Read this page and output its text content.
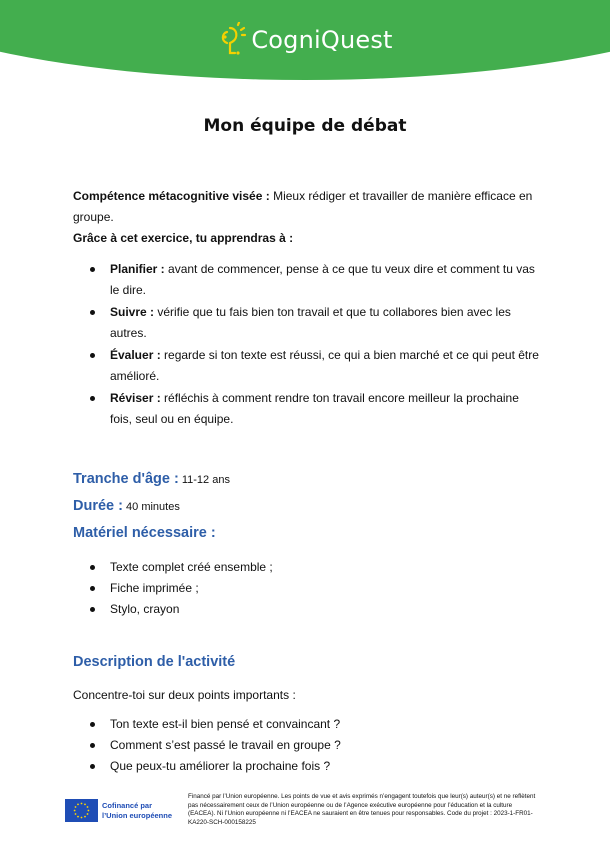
CogniQuest
Mon équipe de débat

Compétence métacognitive visée : Mieux rédiger et travailler de manière efficace en groupe.

Grâce à cet exercice, tu apprendras à :

Planifier : avant de commencer, pense à ce que tu veux dire et comment tu vas le dire.
Suivre : vérifie que tu fais bien ton travail et que tu collabores bien avec les autres.
Évaluer : regarde si ton texte est réussi, ce qui a bien marché et ce qui peut être amélioré.
Réviser : réfléchis à comment rendre ton travail encore meilleur la prochaine fois, seul ou en équipe.
Tranche d'âge : 11-12 ans
Durée : 40 minutes
Matériel nécessaire :
Texte complet créé ensemble ;
Fiche imprimée ;
Stylo, crayon
Description de l'activité
Concentre-toi sur deux points importants :
Ton texte est-il bien pensé et convaincant ?
Comment s’est passé le travail en groupe ?
Que peux-tu améliorer la prochaine fois ?
Cofinancé par
l’Union européenne
Financé par l’Union européenne. Les points de vue et avis exprimés n’engagent toutefois que leur(s) auteur(s) et ne reflètent pas nécessairement ceux de l’Union européenne ou de l’Agence exécutive européenne pour l’éducation et la culture (EACEA). Ni l’Union européenne ni l’EACEA ne sauraient en être tenues pour responsables. Code du projet : 2023-1-FR01-KA220-SCH-000158225
